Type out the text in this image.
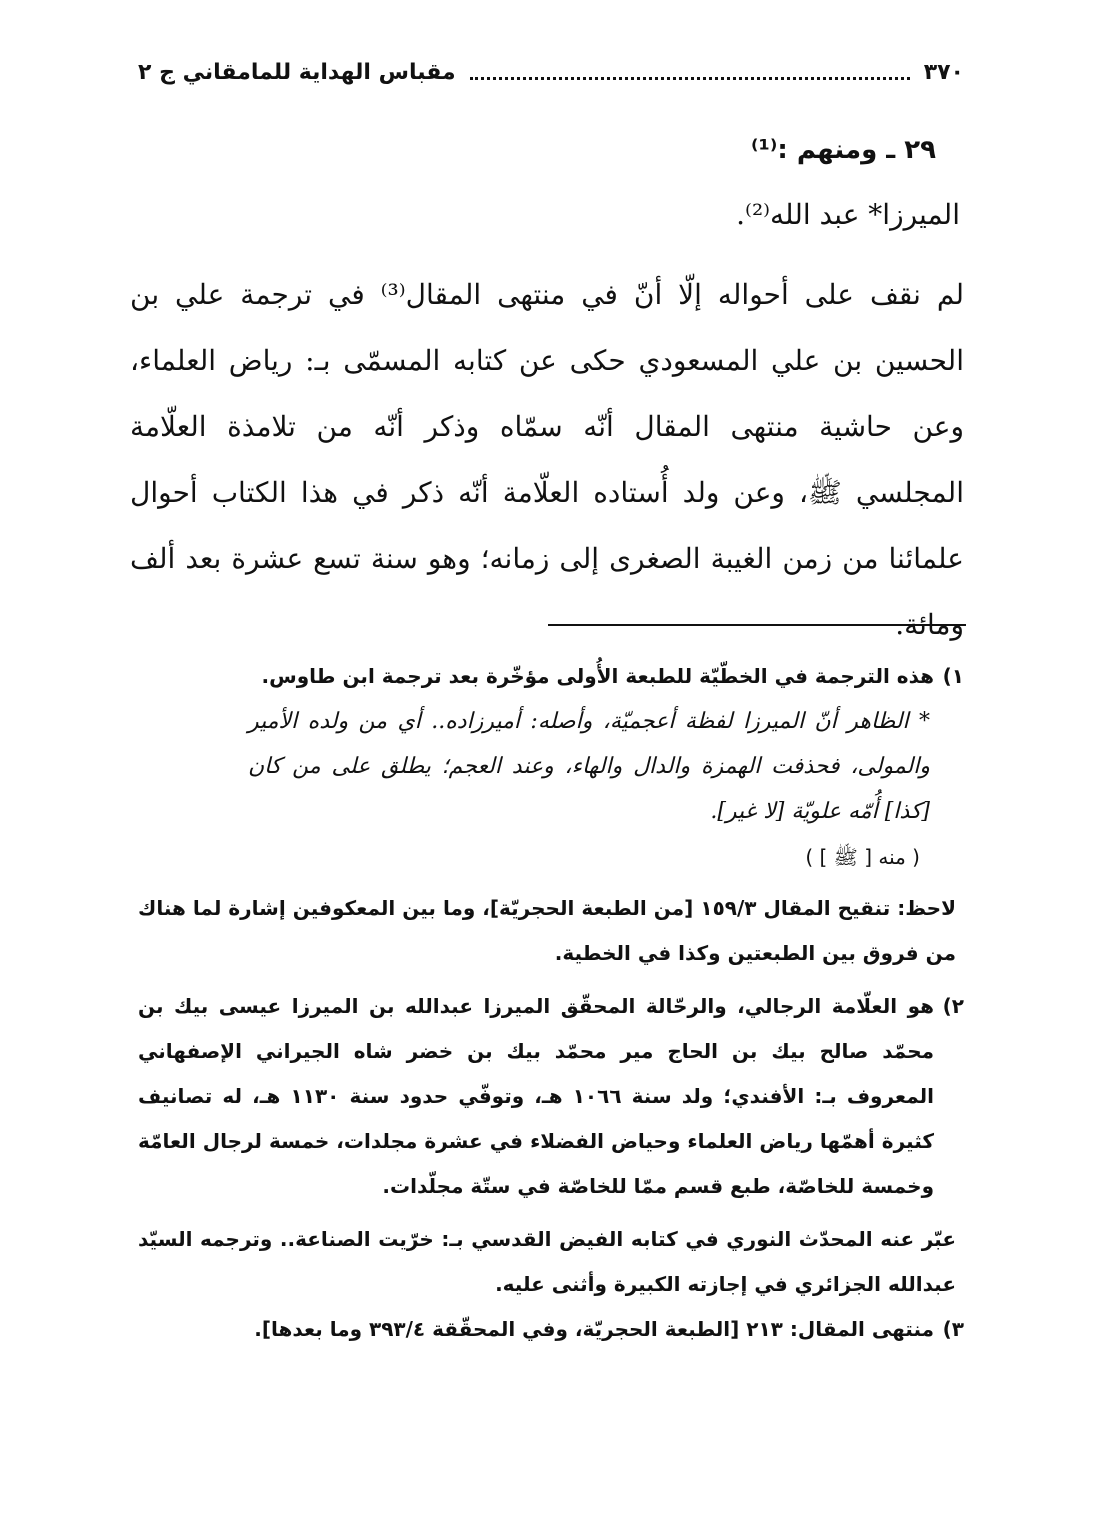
٣٧٠
مقباس الهداية للمامقاني ج ٢
٢٩ ـ ومنهم :⁽¹⁾
الميرزا* عبد الله⁽²⁾.
لم نقف على أحواله إلّا أنّ في منتهى المقال⁽³⁾ في ترجمة علي بن الحسين بن علي المسعودي حكى عن كتابه المسمّى بـ: رياض العلماء، وعن حاشية منتهى المقال أنّه سمّاه وذكر أنّه من تلامذة العلّامة المجلسي ﷺ، وعن ولد أُستاده العلّامة أنّه ذكر في هذا الكتاب أحوال علمائنا من زمن الغيبة الصغرى إلى زمانه؛ وهو سنة تسع عشرة بعد ألف ومائة.
١)
هذه الترجمة في الخطّيّة للطبعة الأُولى مؤخّرة بعد ترجمة ابن طاوس.
* الظاهر أنّ الميرزا لفظة أعجميّة، وأصله: أميرزاده.. أي من ولده الأمير والمولى، فحذفت الهمزة والدال والهاء، وعند العجم؛ يطلق على من كان [كذا] أُمّه علويّة [لا غير].
( منه [ ﷺ ] )
لاحظ: تنقيح المقال ١٥٩/٣ [من الطبعة الحجريّة]، وما بين المعكوفين إشارة لما هناك من فروق بين الطبعتين وكذا في الخطية.
٢)
هو العلّامة الرجالي، والرحّالة المحقّق الميرزا عبدالله بن الميرزا عيسى بيك بن محمّد صالح بيك بن الحاج مير محمّد بيك بن خضر شاه الجيراني الإصفهاني المعروف بـ: الأفندي؛ ولد سنة ١٠٦٦ هـ، وتوفّي حدود سنة ١١٣٠ هـ، له تصانيف كثيرة أهمّها رياض العلماء وحياض الفضلاء في عشرة مجلدات، خمسة لرجال العامّة وخمسة للخاصّة، طبع قسم ممّا للخاصّة في ستّة مجلّدات.
عبّر عنه المحدّث النوري في كتابه الفيض القدسي بـ: خرّيت الصناعة.. وترجمه السيّد عبدالله الجزائري في إجازته الكبيرة وأثنى عليه.
٣)
منتهى المقال: ٢١٣ [الطبعة الحجريّة، وفي المحقّقة ٣٩٣/٤ وما بعدها].
